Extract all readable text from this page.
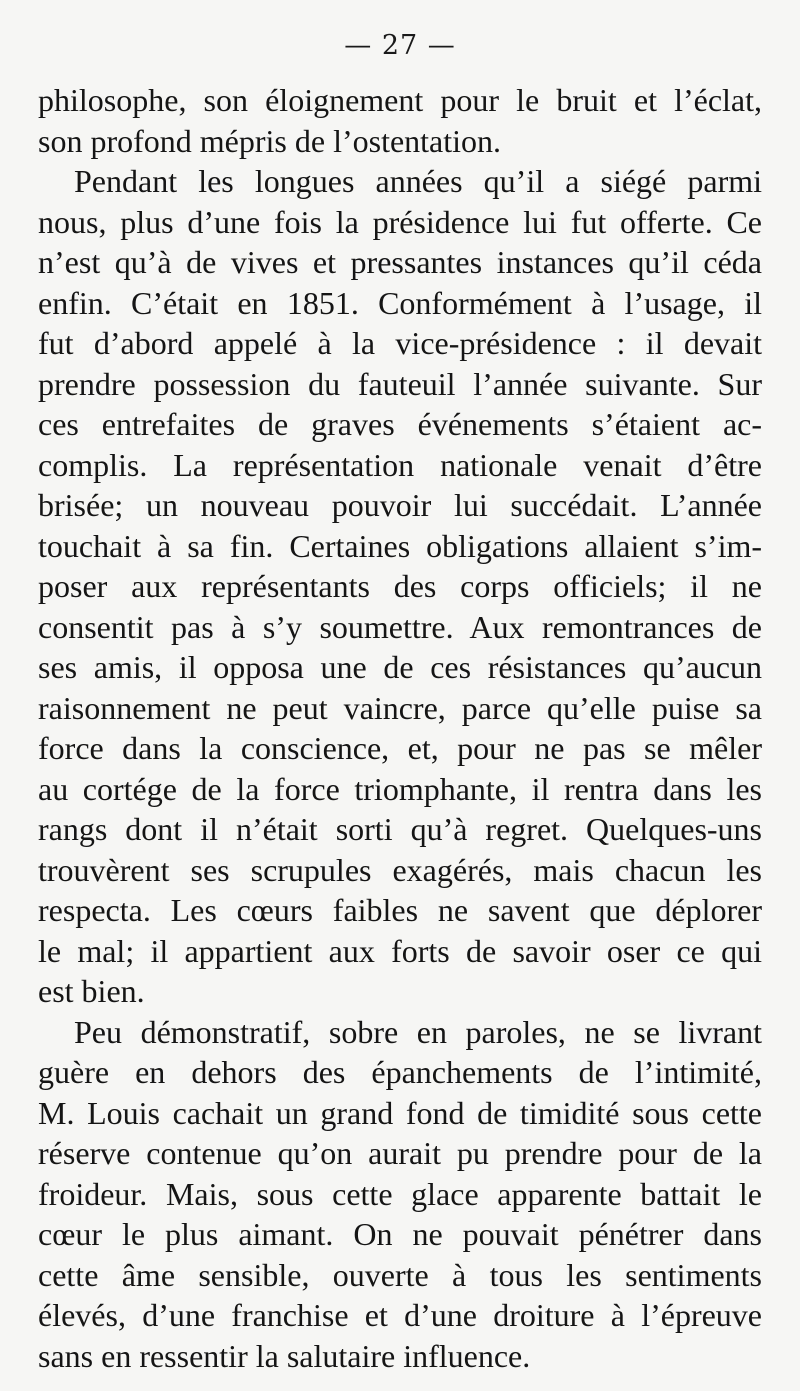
— 27 —
philosophe, son éloignement pour le bruit et l’éclat,
son profond mépris de l’ostentation.
Pendant les longues années qu’il a siégé parmi
nous, plus d’une fois la présidence lui fut offerte. Ce
n’est qu’à de vives et pressantes instances qu’il céda
enfin. C’était en 1851. Conformément à l’usage, il
fut d’abord appelé à la vice-présidence : il devait
prendre possession du fauteuil l’année suivante. Sur
ces entrefaites de graves événements s’étaient ac-
complis. La représentation nationale venait d’être
brisée; un nouveau pouvoir lui succédait. L’année
touchait à sa fin. Certaines obligations allaient s’im-
poser aux représentants des corps officiels; il ne
consentit pas à s’y soumettre. Aux remontrances de
ses amis, il opposa une de ces résistances qu’aucun
raisonnement ne peut vaincre, parce qu’elle puise sa
force dans la conscience, et, pour ne pas se mêler
au cortége de la force triomphante, il rentra dans les
rangs dont il n’était sorti qu’à regret. Quelques-uns
trouvèrent ses scrupules exagérés, mais chacun les
respecta. Les cœurs faibles ne savent que déplorer
le mal; il appartient aux forts de savoir oser ce qui
est bien.
Peu démonstratif, sobre en paroles, ne se livrant
guère en dehors des épanchements de l’intimité,
M. Louis cachait un grand fond de timidité sous cette
réserve contenue qu’on aurait pu prendre pour de la
froideur. Mais, sous cette glace apparente battait le
cœur le plus aimant. On ne pouvait pénétrer dans
cette âme sensible, ouverte à tous les sentiments
élevés, d’une franchise et d’une droiture à l’épreuve
sans en ressentir la salutaire influence.
